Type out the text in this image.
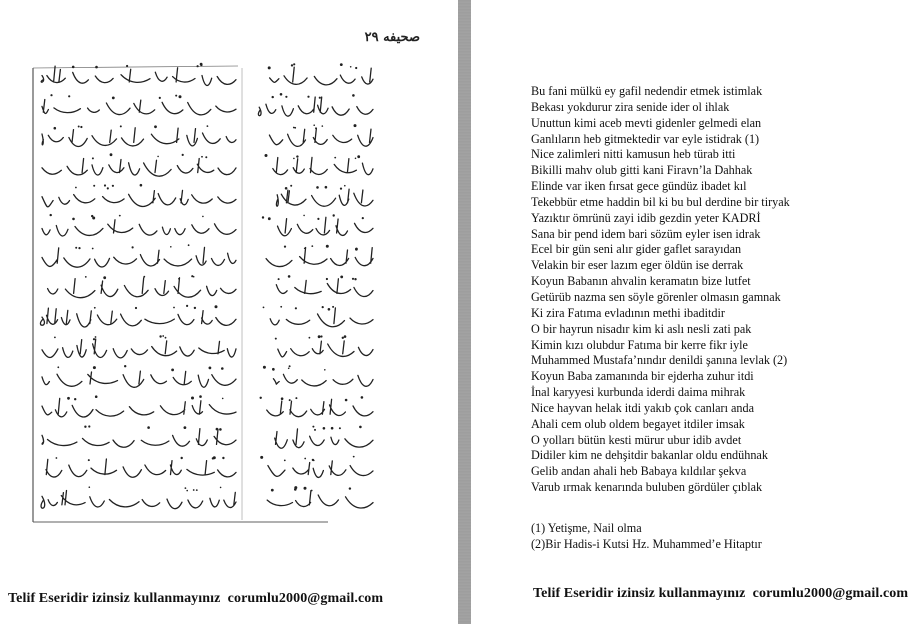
صحيفه ٢٩
Telif Eseridir izinsiz kullanmayınız  corumlu2000@gmail.com
Bu fani mülkü ey gafil nedendir etmek istimlak
Bekası yokdurur zira senide ider ol ihlak
Unuttun kimi aceb mevti gidenler gelmedi elan
Ganlıların heb gitmektedir var eyle istidrak (1)
Nice zalimleri nitti kamusun heb türab itti
Bikilli mahv olub gitti kani Firavn’la Dahhak
Elinde var iken fırsat gece gündüz ibadet kıl
Tekebbür etme haddin bil ki bu bul derdine bir tiryak
Yazıktır ömrünü zayi idib gezdin yeter KADRİ
Sana bir pend idem bari sözüm eyler isen idrak
Ecel bir gün seni alır gider gaflet sarayıdan
Velakin bir eser lazım eger öldün ise derrak
Koyun Babanın ahvalin keramatın bize lutfet
Getürüb nazma sen söyle görenler olmasın gamnak
Ki zira Fatıma evladının methi ibaditdir
O bir hayrun nisadır kim ki aslı nesli zati pak
Kimin kızı olubdur Fatıma bir kerre fikr iyle
Muhammed Mustafa’nındır denildi şanına levlak (2)
Koyun Baba zamanında bir ejderha zuhur itdi
İnal karyyesi kurbunda iderdi daima mihrak
Nice hayvan helak itdi yakıb çok canları anda
Ahali cem olub oldem begayet itdiler imsak
O yolları bütün kesti mürur ubur idib avdet
Didiler kim ne dehşitdir bakanlar oldu endühnak
Gelib andan ahali heb Babaya kıldılar şekva
Varub ırmak kenarında buluben gördüler çıblak
(1) Yetişme, Nail olma
(2)Bir Hadis-i Kutsi Hz. Muhammed’e Hitaptır
Telif Eseridir izinsiz kullanmayınız  corumlu2000@gmail.com
